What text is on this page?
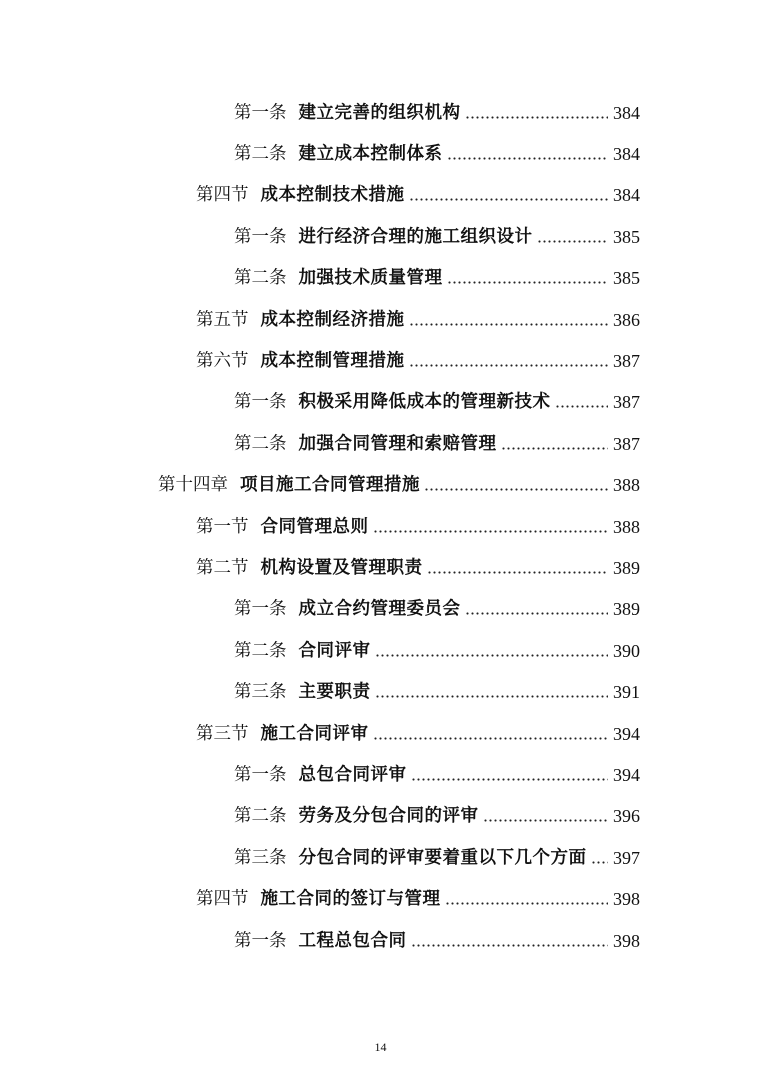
第一条 建立完善的组织机构	384
第二条 建立成本控制体系	384
第四节 成本控制技术措施	384
第一条 进行经济合理的施工组织设计	385
第二条 加强技术质量管理	385
第五节 成本控制经济措施	386
第六节 成本控制管理措施	387
第一条 积极采用降低成本的管理新技术	387
第二条 加强合同管理和索赔管理	387
第十四章 项目施工合同管理措施	388
第一节 合同管理总则	388
第二节 机构设置及管理职责	389
第一条 成立合约管理委员会	389
第二条 合同评审	390
第三条 主要职责	391
第三节 施工合同评审	394
第一条 总包合同评审	394
第二条 劳务及分包合同的评审	396
第三条 分包合同的评审要着重以下几个方面 397
第四节 施工合同的签订与管理	398
第一条 工程总包合同	398
14
